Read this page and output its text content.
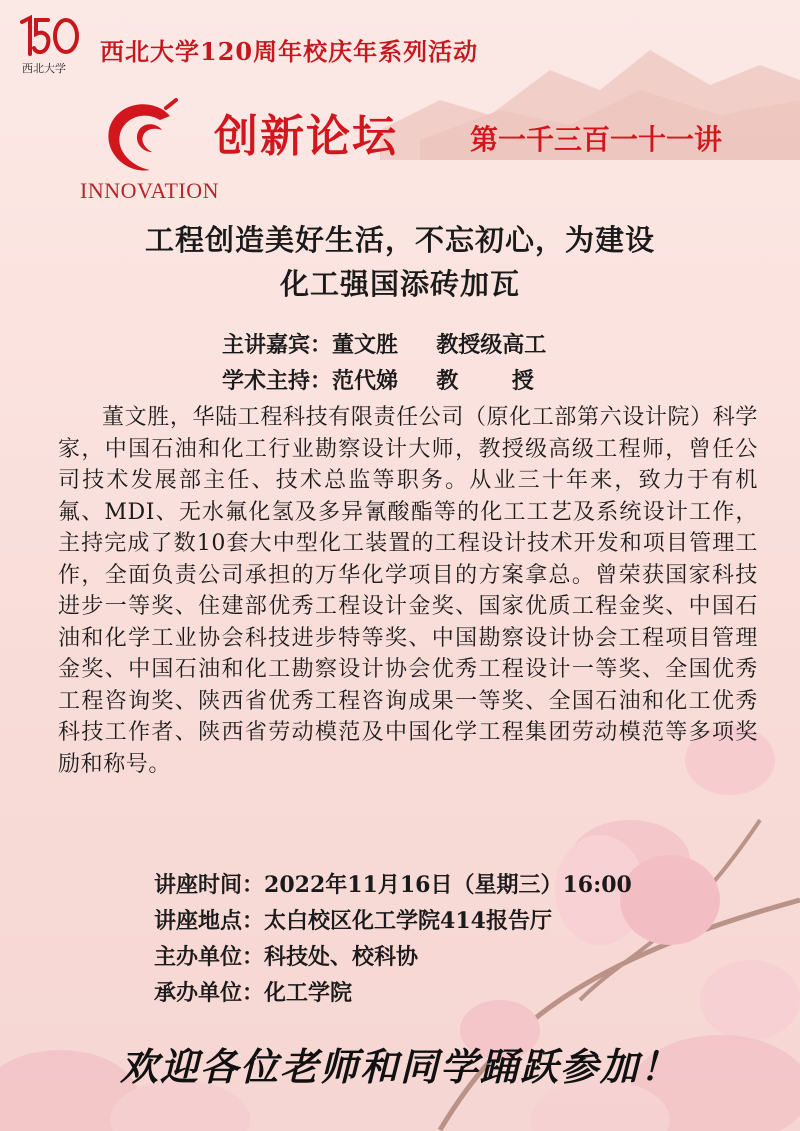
西北大学
西北大学120周年校庆年系列活动
INNOVATION
创新论坛	第一千三百一十一讲
工程创造美好生活，不忘初心，为建设
化工强国添砖加瓦
主讲嘉宾：董文胜     教授级高工
学术主持：范代娣     教       授
董文胜，华陆工程科技有限责任公司（原化工部第六设计院）科学家，中国石油和化工行业勘察设计大师，教授级高级工程师，曾任公司技术发展部主任、技术总监等职务。从业三十年来，致力于有机氟、MDI、无水氟化氢及多异氰酸酯等的化工工艺及系统设计工作，主持完成了数10套大中型化工装置的工程设计技术开发和项目管理工作，全面负责公司承担的万华化学项目的方案拿总。曾荣获国家科技进步一等奖、住建部优秀工程设计金奖、国家优质工程金奖、中国石油和化学工业协会科技进步特等奖、中国勘察设计协会工程项目管理金奖、中国石油和化工勘察设计协会优秀工程设计一等奖、全国优秀工程咨询奖、陕西省优秀工程咨询成果一等奖、全国石油和化工优秀科技工作者、陕西省劳动模范及中国化学工程集团劳动模范等多项奖励和称号。
讲座时间：2022年11月16日（星期三）16:00
讲座地点：太白校区化工学院414报告厅
主办单位：科技处、校科协
承办单位：化工学院
欢迎各位老师和同学踊跃参加！
